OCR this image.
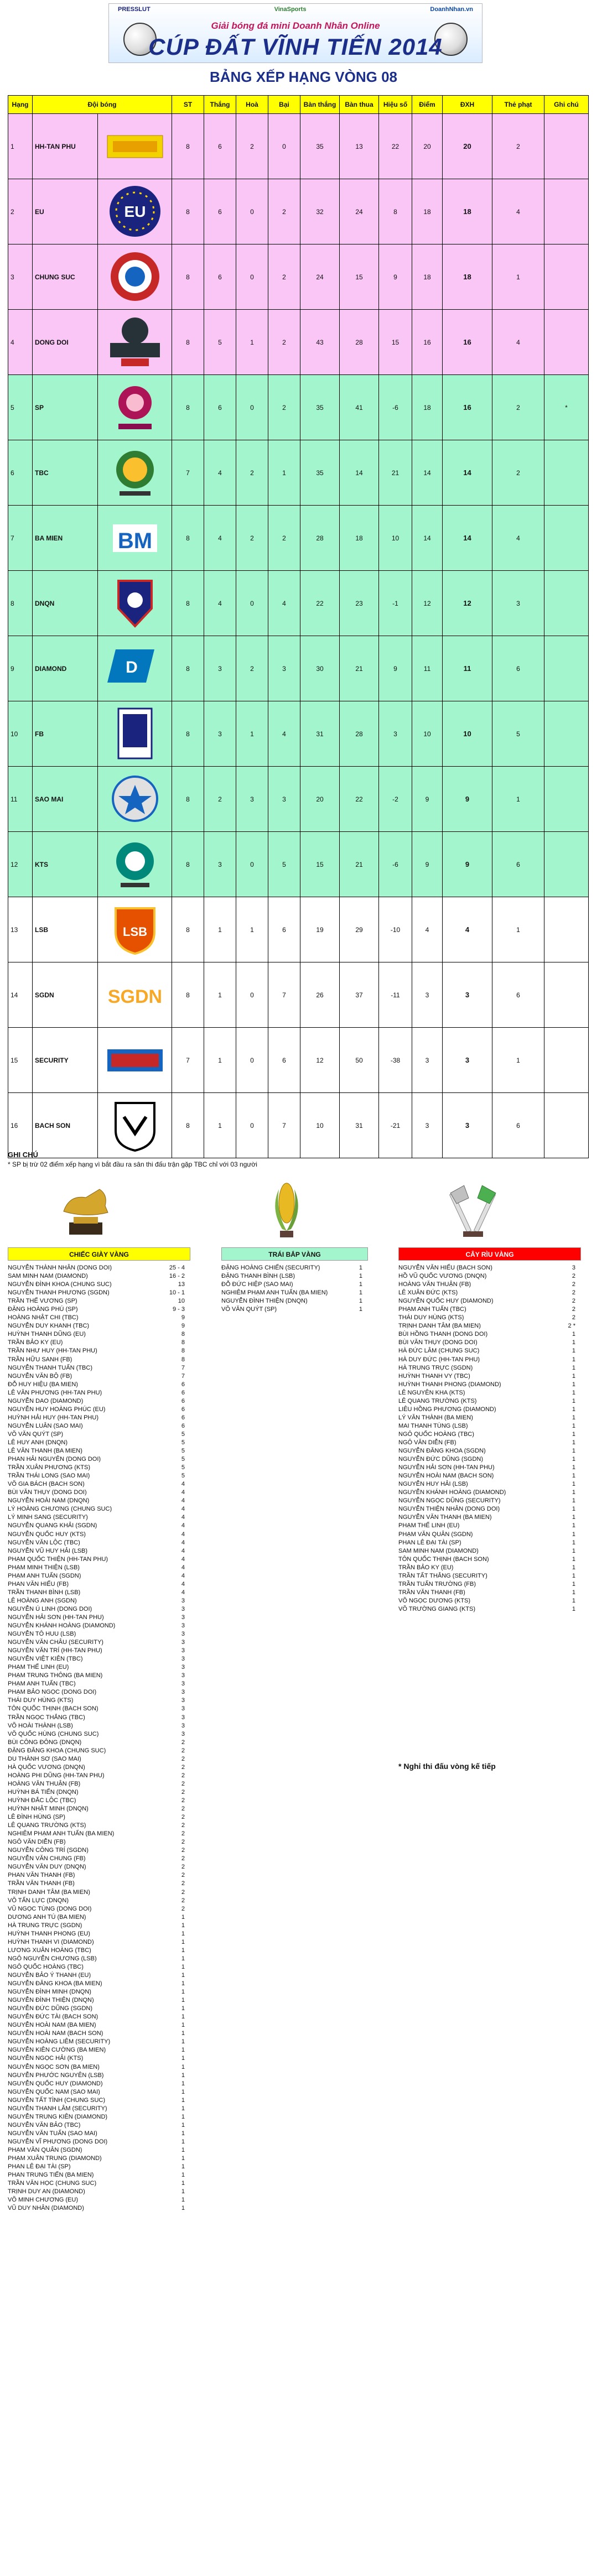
PRESSLUT	VinaSports	DoanhNhan.vn
Giải bóng đá mini Doanh Nhân Online
CÚP ĐẤT VĨNH TIẾN 2014
BẢNG XẾP HẠNG VÒNG 08
Hạng	Đội bóng		ST	Thắng	Hoà	Bại	Bàn thắng	Bàn thua	Hiệu số	Điểm	ĐXH	Thẻ phạt	Ghi chú
1	HH-TAN PHU		8	6	2	0	35	13	22	20	20	2	
2	EU	EU	8	6	0	2	32	24	8	18	18	4	
3	CHUNG SUC		8	6	0	2	24	15	9	18	18	1	
4	DONG DOI		8	5	1	2	43	28	15	16	16	4	
5	SP		8	6	0	2	35	41	-6	18	16	2	*
6	TBC		7	4	2	1	35	14	21	14	14	2	
7	BA MIEN	BM	8	4	2	2	28	18	10	14	14	4	
8	DNQN		8	4	0	4	22	23	-1	12	12	3	
9	DIAMOND	D	8	3	2	3	30	21	9	11	11	6	
10	FB		8	3	1	4	31	28	3	10	10	5	
11	SAO MAI		8	2	3	3	20	22	-2	9	9	1	
12	KTS		8	3	0	5	15	21	-6	9	9	6	
13	LSB	LSB	8	1	1	6	19	29	-10	4	4	1	
14	SGDN	SGDN	8	1	0	7	26	37	-11	3	3	6	
15	SECURITY		7	1	0	6	12	50	-38	3	3	1	
16	BACH SON		8	1	0	7	10	31	-21	3	3	6	
GHI CHÚ
* SP bị trừ 02 điểm xếp hạng vì bắt đầu ra sân thi đấu trận gặp TBC chỉ với 03 người
CHIẾC GIÀY VÀNG
NGUYỄN THÀNH NHÂN (DONG DOI)	25 - 4
SAM MINH NAM (DIAMOND)	16 - 2
NGUYỄN ĐÌNH KHOA (CHUNG SUC)	13
NGUYỄN THANH PHƯƠNG (SGDN)	10 - 1
TRẦN THẾ VƯƠNG (SP)	10
ĐẶNG HOÀNG PHÚ (SP)	9 - 3
HOÀNG NHẬT CHI (TBC)	9
NGUYỄN DUY KHANH (TBC)	9
HUỲNH THANH DŨNG (EU)	8
TRẦN BẢO KY (EU)	8
TRẦN NHƯ HUY (HH-TAN PHU)	8
TRẦN HỮU SANH (FB)	8
NGUYỄN THANH TUẤN (TBC)	7
NGUYỄN VĂN BỘ (FB)	7
ĐỖ HUY HIỆU (BA MIEN)	6
LÊ VĂN PHƯƠNG (HH-TAN PHU)	6
NGUYỄN DAO (DIAMOND)	6
NGUYỄN HUY HOÀNG PHÚC (EU)	6
HUỲNH HẢI HUY (HH-TAN PHU)	6
NGUYỄN LUÂN (SAO MAI)	6
VÕ VĂN QUÝT (SP)	5
LÊ HUY ANH (DNQN)	5
LÊ VĂN THANH (BA MIEN)	5
PHAN HẢI NGUYÊN (DONG DOI)	5
TRẦN XUÂN PHƯƠNG (KTS)	5
TRẦN THÁI LONG (SAO MAI)	5
VÕ GIA BÁCH (BACH SON)	4
BÙI VĂN THỤY (DONG DOI)	4
NGUYỄN HOÀI NAM (DNQN)	4
LÝ HOÀNG CHƯƠNG (CHUNG SUC)	4
LÝ MINH SANG (SECURITY)	4
NGUYỄN QUANG KHẢI (SGDN)	4
NGUYỄN QUỐC HUY (KTS)	4
NGUYỄN VĂN LỘC (TBC)	4
NGUYỄN VŨ HUY HẢI (LSB)	4
PHẠM QUỐC THIỆN (HH-TAN PHU)	4
PHẠM MINH THIỆN (LSB)	4
PHẠM ANH TUẤN (SGDN)	4
PHAN VĂN HIẾU (FB)	4
TRẦN THANH BÌNH (LSB)	4
LÊ HOÀNG ANH (SGDN)	3
NGUYỄN Ú LINH (DONG DOI)	3
NGUYỄN HẢI SƠN (HH-TAN PHU)	3
NGUYỄN KHÁNH HOÀNG (DIAMOND)	3
NGUYỄN TÔ HUU (LSB)	3
NGUYỄN VĂN CHÂU (SECURITY)	3
NGUYỄN VĂN TRÍ (HH-TAN PHU)	3
NGUYỄN VIỆT KIÊN (TBC)	3
PHẠM THẾ LINH (EU)	3
PHẠM TRUNG THÔNG (BA MIEN)	3
PHẠM ANH TUẤN (TBC)	3
PHẠM BẢO NGỌC (DONG DOI)	3
THÁI DUY HÙNG (KTS)	3
TÔN QUỐC THỊNH (BACH SON)	3
TRẦN NGỌC THẮNG (TBC)	3
VÕ HOÀI THÀNH (LSB)	3
VÕ QUỐC HÙNG (CHUNG SUC)	3
BÙI CÔNG ĐÔNG (DNQN)	2
ĐẶNG ĐĂNG KHOA (CHUNG SUC)	2
DU THÀNH SƠ (SAO MAI)	2
HÀ QUỐC VƯƠNG (DNQN)	2
HOÀNG PHI DŨNG (HH-TAN PHU)	2
HOÀNG VĂN THUẬN (FB)	2
HUỲNH BÁ TIẾN (DNQN)	2
HUỲNH ĐẮC LỘC (TBC)	2
HUỲNH NHẬT MINH (DNQN)	2
LÊ ĐÌNH HÙNG (SP)	2
LÊ QUANG TRƯỜNG (KTS)	2
NGHIÊM PHẠM ANH TUẤN (BA MIEN)	2
NGÔ VĂN DIỄN (FB)	2
NGUYỄN CÔNG TRÍ (SGDN)	2
NGUYỄN VĂN CHUNG (FB)	2
NGUYỄN VĂN DUY (DNQN)	2
PHAN VĂN THANH (FB)	2
TRẦN VĂN THANH (FB)	2
TRỊNH DANH TÂM (BA MIEN)	2
VÕ TẤN LỰC (DNQN)	2
VŨ NGỌC TÙNG (DONG DOI)	2
DƯƠNG ANH TÚ (BA MIEN)	1
HÀ TRUNG TRỰC (SGDN)	1
HUỲNH THANH PHONG (EU)	1
HUỲNH THANH VI (DIAMOND)	1
LƯƠNG XUÂN HOÀNG (TBC)	1
NGÔ NGUYỄN CHƯƠNG (LSB)	1
NGÔ QUỐC HOÀNG (TBC)	1
NGUYỄN BẢO Ý THANH (EU)	1
NGUYỄN ĐĂNG KHOA (BA MIEN)	1
NGUYỄN ĐÌNH MINH (DNQN)	1
NGUYỄN ĐÌNH THIỆN (DNQN)	1
NGUYỄN ĐỨC DŨNG (SGDN)	1
NGUYỄN ĐỨC TÀI (BACH SON)	1
NGUYỄN HOÀI NAM (BA MIEN)	1
NGUYỄN HOÀI NAM (BACH SON)	1
NGUYỄN HOÀNG LIÊM (SECURITY)	1
NGUYỄN KIÊN CƯỜNG (BA MIEN)	1
NGUYỄN NGỌC HẢI (KTS)	1
NGUYỄN NGỌC SƠN (BA MIEN)	1
NGUYỄN PHƯỚC NGUYÊN (LSB)	1
NGUYỄN QUỐC HUY (DIAMOND)	1
NGUYỄN QUỐC NAM (SAO MAI)	1
NGUYỄN TẤT TÌNH (CHUNG SUC)	1
NGUYỄN THANH LÂM (SECURITY)	1
NGUYỄN TRUNG KIÊN (DIAMOND)	1
NGUYỄN VĂN BẢO (TBC)	1
NGUYỄN VĂN TUẤN (SAO MAI)	1
NGUYỄN VĨ PHƯƠNG (DONG DOI)	1
PHẠM VĂN QUÂN (SGDN)	1
PHẠM XUÂN TRUNG (DIAMOND)	1
PHAN LÊ ĐẠI TÀI (SP)	1
PHAN TRUNG TIẾN (BA MIEN)	1
TRẦN VĂN HỌC (CHUNG SUC)	1
TRỊNH DUY AN (DIAMOND)	1
VÕ MINH CHƯƠNG (EU)	1
VŨ DUY NHÂN (DIAMOND)	1
TRÁI BẮP VÀNG
ĐẶNG HOÀNG CHIẾN (SECURITY)	1
ĐẶNG THANH BÌNH (LSB)	1
ĐỖ ĐỨC HIỆP (SAO MAI)	1
NGHIÊM PHẠM ANH TUẤN (BA MIEN)	1
NGUYỄN ĐÌNH THIỆN (DNQN)	1
VÕ VĂN QUÝT (SP)	1
CÂY RÌU VÀNG
NGUYỄN VĂN HIẾU (BACH SON)	3
HỒ VŨ QUỐC VƯƠNG (DNQN)	2
HOÀNG VĂN THUẬN (FB)	2
LÊ XUÂN ĐỨC (KTS)	2
NGUYỄN QUỐC HUY (DIAMOND)	2
PHẠM ANH TUẤN (TBC)	2
THÁI DUY HÙNG (KTS)	2
TRỊNH DANH TÂM (BA MIEN)	2 *
BÙI HỒNG THANH (DONG DOI)	1
BÙI VĂN THỤY (DONG DOI)	1
HÀ ĐỨC LÂM (CHUNG SUC)	1
HÀ DUY ĐỨC (HH-TAN PHU)	1
HÀ TRUNG TRỰC (SGDN)	1
HUỲNH THANH VY (TBC)	1
HUỲNH THANH PHONG (DIAMOND)	1
LÊ NGUYÊN KHA (KTS)	1
LÊ QUANG TRƯỜNG (KTS)	1
LIÊU HỒNG PHƯƠNG (DIAMOND)	1
LÝ VĂN THÀNH (BA MIEN)	1
MAI THANH TÙNG (LSB)	1
NGÔ QUỐC HOÀNG (TBC)	1
NGÔ VĂN DIỄN (FB)	1
NGUYỄN ĐĂNG KHOA (SGDN)	1
NGUYỄN ĐỨC DŨNG (SGDN)	1
NGUYỄN HẢI SƠN (HH-TAN PHU)	1
NGUYỄN HOÀI NAM (BACH SON)	1
NGUYỄN HUY HẢI (LSB)	1
NGUYỄN KHÁNH HOÀNG (DIAMOND)	1
NGUYỄN NGỌC DŨNG (SECURITY)	1
NGUYỄN THIỆN NHÂN (DONG DOI)	1
NGUYỄN VĂN THANH (BA MIEN)	1
PHẠM THẾ LINH (EU)	1
PHẠM VĂN QUÂN (SGDN)	1
PHAN LÊ ĐẠI TÀI (SP)	1
SAM MINH NAM (DIAMOND)	1
TÔN QUỐC THỊNH (BACH SON)	1
TRẦN BẢO KY (EU)	1
TRẦN TẤT THẮNG (SECURITY)	1
TRẦN TUẤN TRƯỜNG (FB)	1
TRẦN VĂN THANH (FB)	1
VÕ NGỌC DƯƠNG (KTS)	1
VÕ TRƯỜNG GIANG (KTS)	1
* Nghỉ thi đấu vòng kế tiếp
